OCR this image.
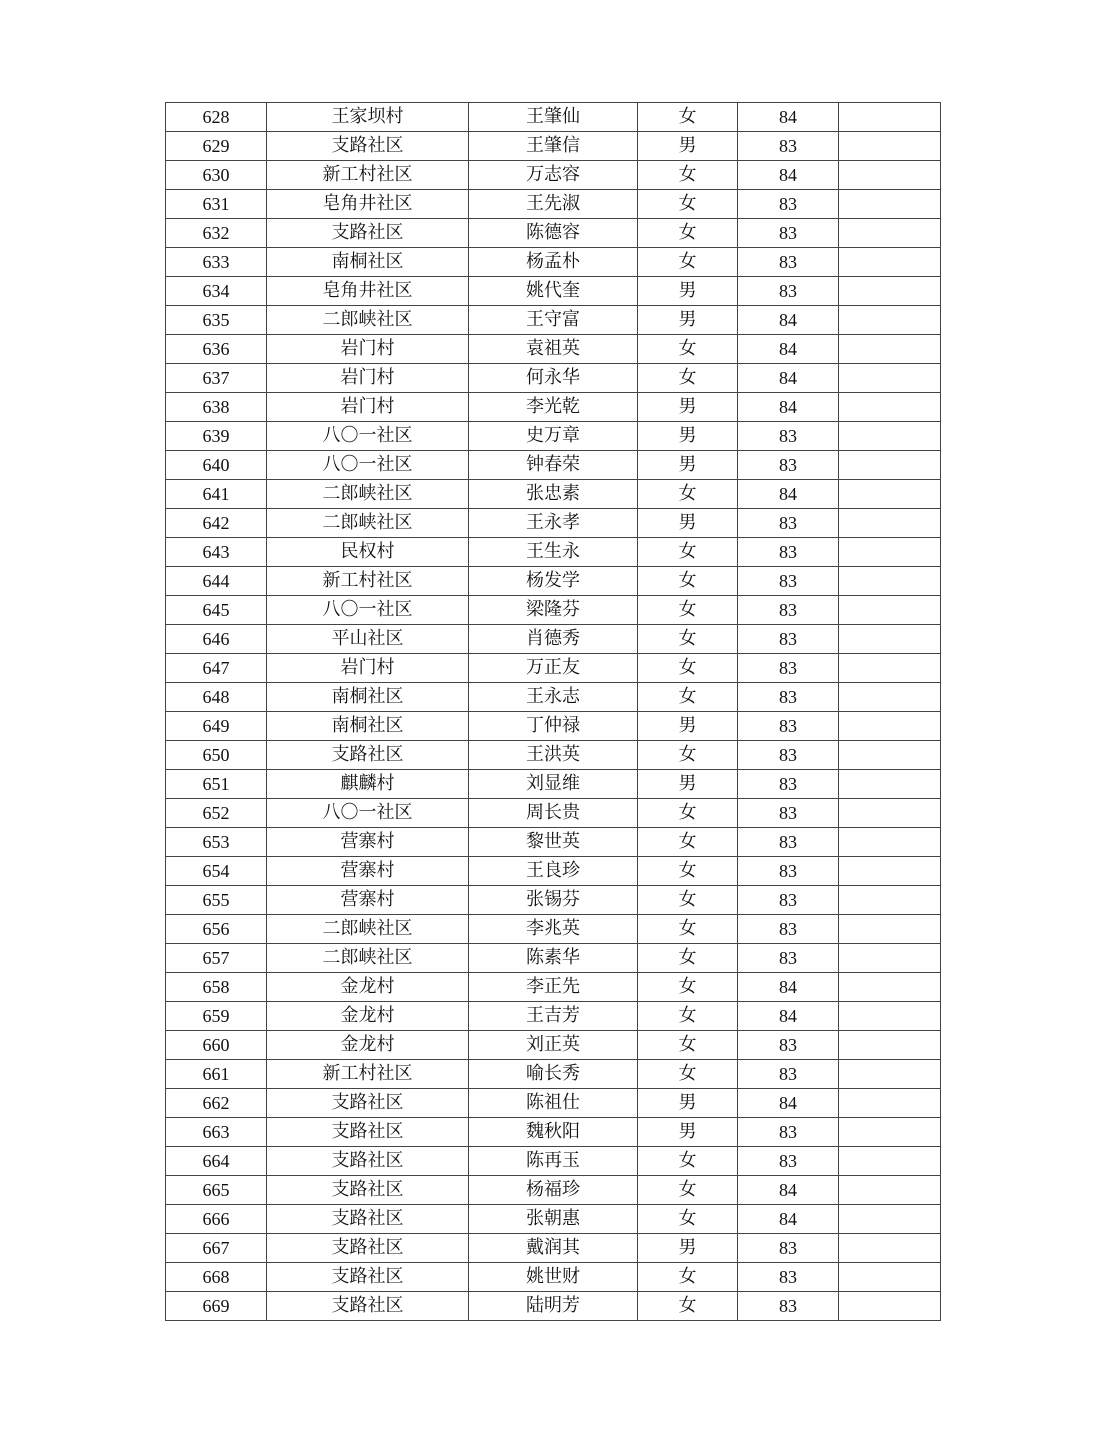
628	王家坝村	王肇仙	女	84	
629	支路社区	王肇信	男	83	
630	新工村社区	万志容	女	84	
631	皂角井社区	王先淑	女	83	
632	支路社区	陈德容	女	83	
633	南桐社区	杨孟朴	女	83	
634	皂角井社区	姚代奎	男	83	
635	二郎峡社区	王守富	男	84	
636	岩门村	袁祖英	女	84	
637	岩门村	何永华	女	84	
638	岩门村	李光乾	男	84	
639	八〇一社区	史万章	男	83	
640	八〇一社区	钟春荣	男	83	
641	二郎峡社区	张忠素	女	84	
642	二郎峡社区	王永孝	男	83	
643	民权村	王生永	女	83	
644	新工村社区	杨发学	女	83	
645	八〇一社区	梁隆芬	女	83	
646	平山社区	肖德秀	女	83	
647	岩门村	万正友	女	83	
648	南桐社区	王永志	女	83	
649	南桐社区	丁仲禄	男	83	
650	支路社区	王洪英	女	83	
651	麒麟村	刘显维	男	83	
652	八〇一社区	周长贵	女	83	
653	营寨村	黎世英	女	83	
654	营寨村	王良珍	女	83	
655	营寨村	张锡芬	女	83	
656	二郎峡社区	李兆英	女	83	
657	二郎峡社区	陈素华	女	83	
658	金龙村	李正先	女	84	
659	金龙村	王吉芳	女	84	
660	金龙村	刘正英	女	83	
661	新工村社区	喻长秀	女	83	
662	支路社区	陈祖仕	男	84	
663	支路社区	魏秋阳	男	83	
664	支路社区	陈再玉	女	83	
665	支路社区	杨福珍	女	84	
666	支路社区	张朝惠	女	84	
667	支路社区	戴润其	男	83	
668	支路社区	姚世财	女	83	
669	支路社区	陆明芳	女	83	
